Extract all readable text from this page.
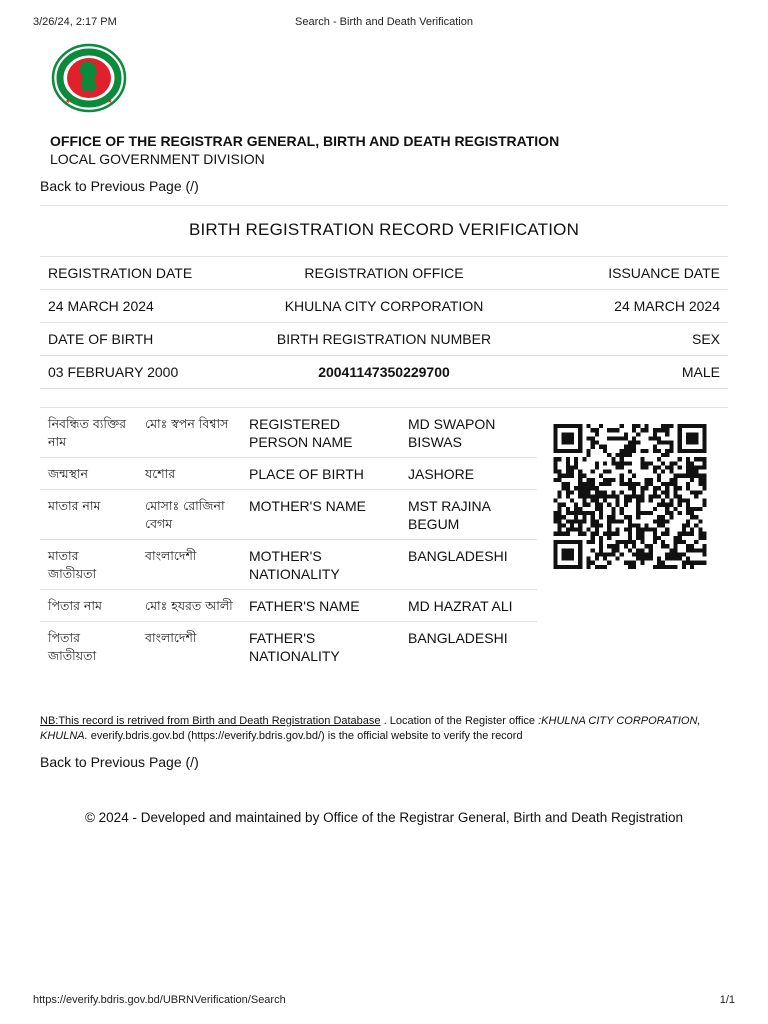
3/26/24, 2:17 PM	Search - Birth and Death Verification
★	★
OFFICE OF THE REGISTRAR GENERAL, BIRTH AND DEATH REGISTRATION
LOCAL GOVERNMENT DIVISION
Back to Previous Page (/)
BIRTH REGISTRATION RECORD VERIFICATION
REGISTRATION DATE	REGISTRATION OFFICE	ISSUANCE DATE
24 MARCH 2024	KHULNA CITY CORPORATION	24 MARCH 2024
DATE OF BIRTH	BIRTH REGISTRATION NUMBER	SEX
03 FEBRUARY 2000	20041147350229700	MALE
নিবন্ধিত ব্যক্তির নাম	মোঃ স্বপন বিশ্বাস	REGISTERED PERSON NAME	MD SWAPON BISWAS
জন্মস্থান	যশোর	PLACE OF BIRTH	JASHORE
মাতার নাম	মোসাঃ রোজিনা বেগম	MOTHER'S NAME	MST RAJINA BEGUM
মাতার জাতীয়তা	বাংলাদেশী	MOTHER'S NATIONALITY	BANGLADESHI
পিতার নাম	মোঃ হযরত আলী	FATHER'S NAME	MD HAZRAT ALI
পিতার জাতীয়তা	বাংলাদেশী	FATHER'S NATIONALITY	BANGLADESHI
NB:This record is retrived from Birth and Death Registration Database . Location of the Register office :KHULNA CITY CORPORATION, KHULNA. everify.bdris.gov.bd (https://everify.bdris.gov.bd/) is the official website to verify the record
Back to Previous Page (/)
© 2024 - Developed and maintained by Office of the Registrar General, Birth and Death Registration
https://everify.bdris.gov.bd/UBRNVerification/Search	1/1
